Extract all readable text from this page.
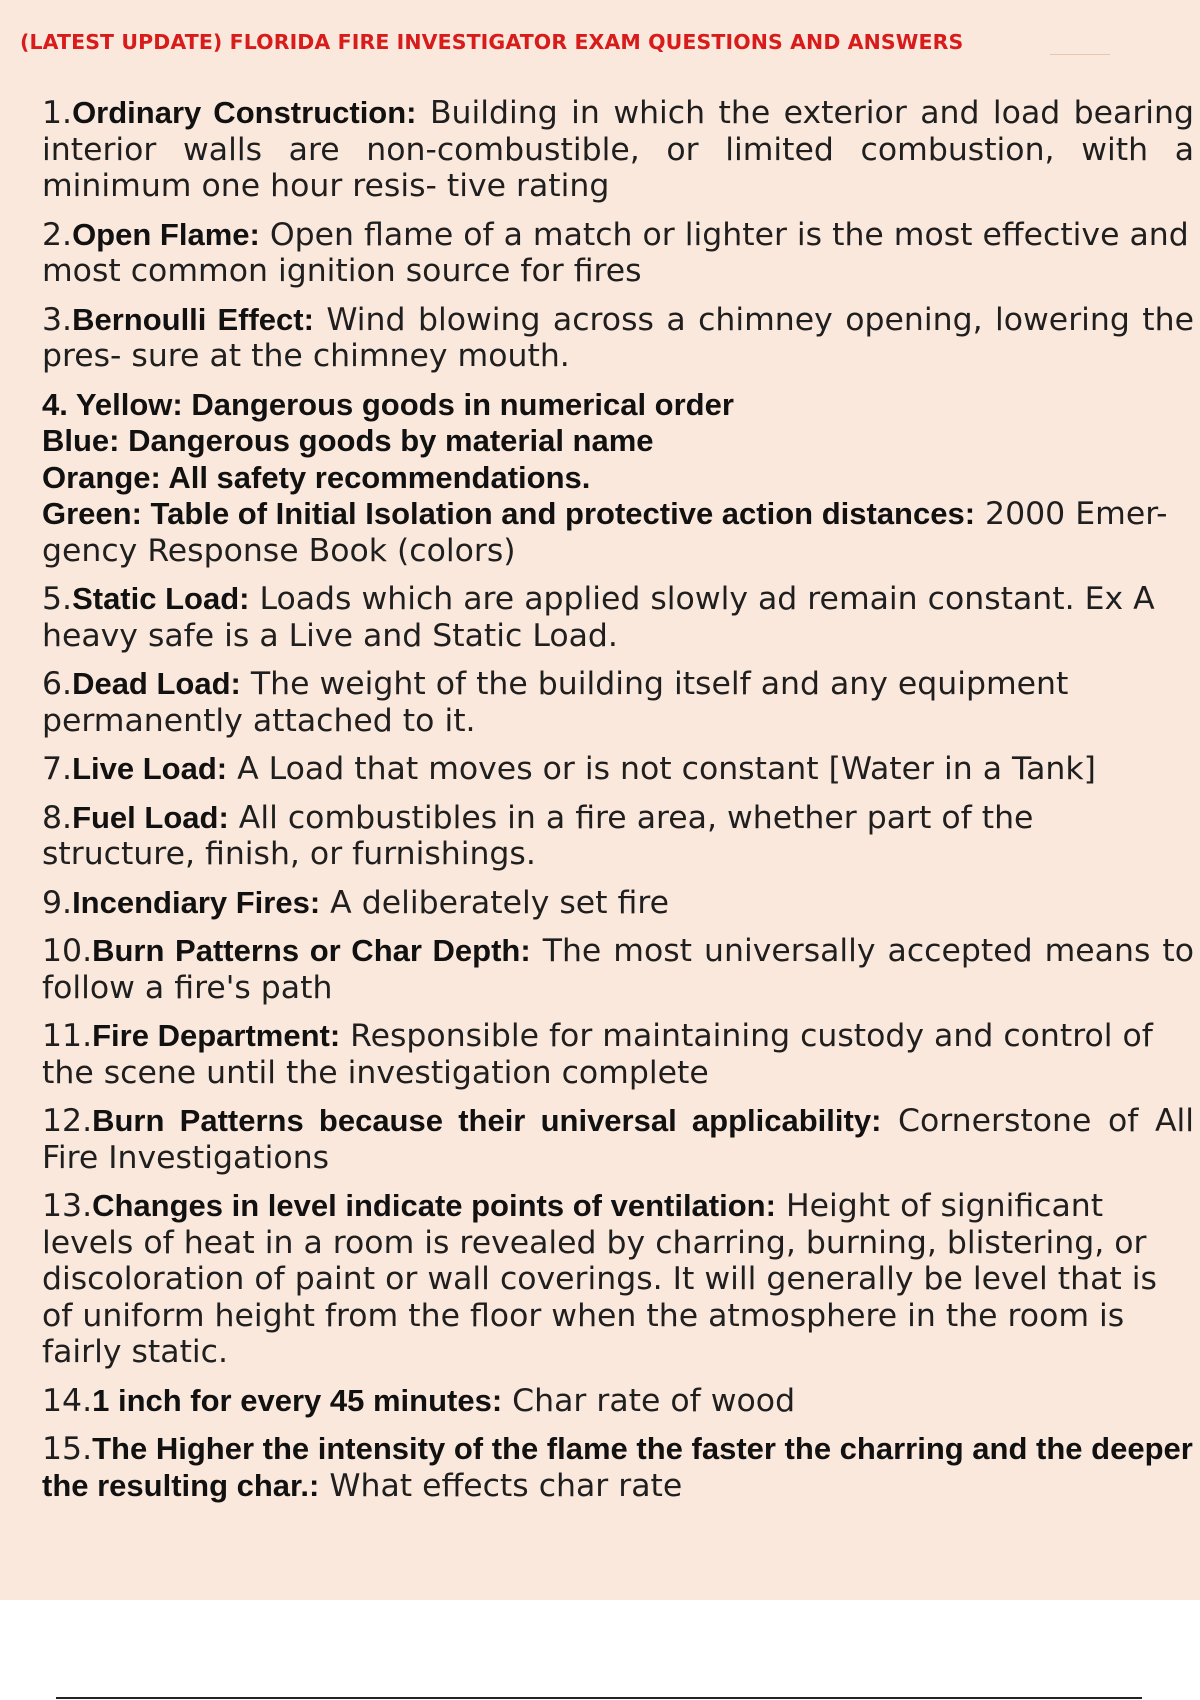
(LATEST UPDATE) FLORIDA FIRE INVESTIGATOR EXAM QUESTIONS AND ANSWERS

1.Ordinary Construction: Building in which the exterior and load bearing interior walls are non-combustible, or limited combustion, with a minimum one hour resis- tive rating

2.Open Flame: Open flame of a match or lighter is the most effective and most common ignition source for fires

3.Bernoulli Effect: Wind blowing across a chimney opening, lowering the pres- sure at the chimney mouth.

4. Yellow: Dangerous goods in numerical order
Blue: Dangerous goods by material name
Orange: All safety recommendations.
Green: Table of Initial Isolation and protective action distances: 2000 Emer- gency Response Book (colors)

5.Static Load: Loads which are applied slowly ad remain constant. Ex A heavy safe is a Live and Static Load.

6.Dead Load: The weight of the building itself and any equipment permanently attached to it.

7.Live Load: A Load that moves or is not constant [Water in a Tank]

8.Fuel Load: All combustibles in a fire area, whether part of the structure, finish, or furnishings.

9.Incendiary Fires: A deliberately set fire

10.Burn Patterns or Char Depth: The most universally accepted means to follow a fire's path

11.Fire Department: Responsible for maintaining custody and control of the scene until the investigation complete

12.Burn Patterns because their universal applicability: Cornerstone of All Fire Investigations

13.Changes in level indicate points of ventilation: Height of significant levels of heat in a room is revealed by charring, burning, blistering, or discoloration of paint or wall coverings. It will generally be level that is of uniform height from the floor when the atmosphere in the room is fairly static.

14.1 inch for every 45 minutes: Char rate of wood

15.The Higher the intensity of the flame the faster the charring and the deeper the resulting char.: What effects char rate
